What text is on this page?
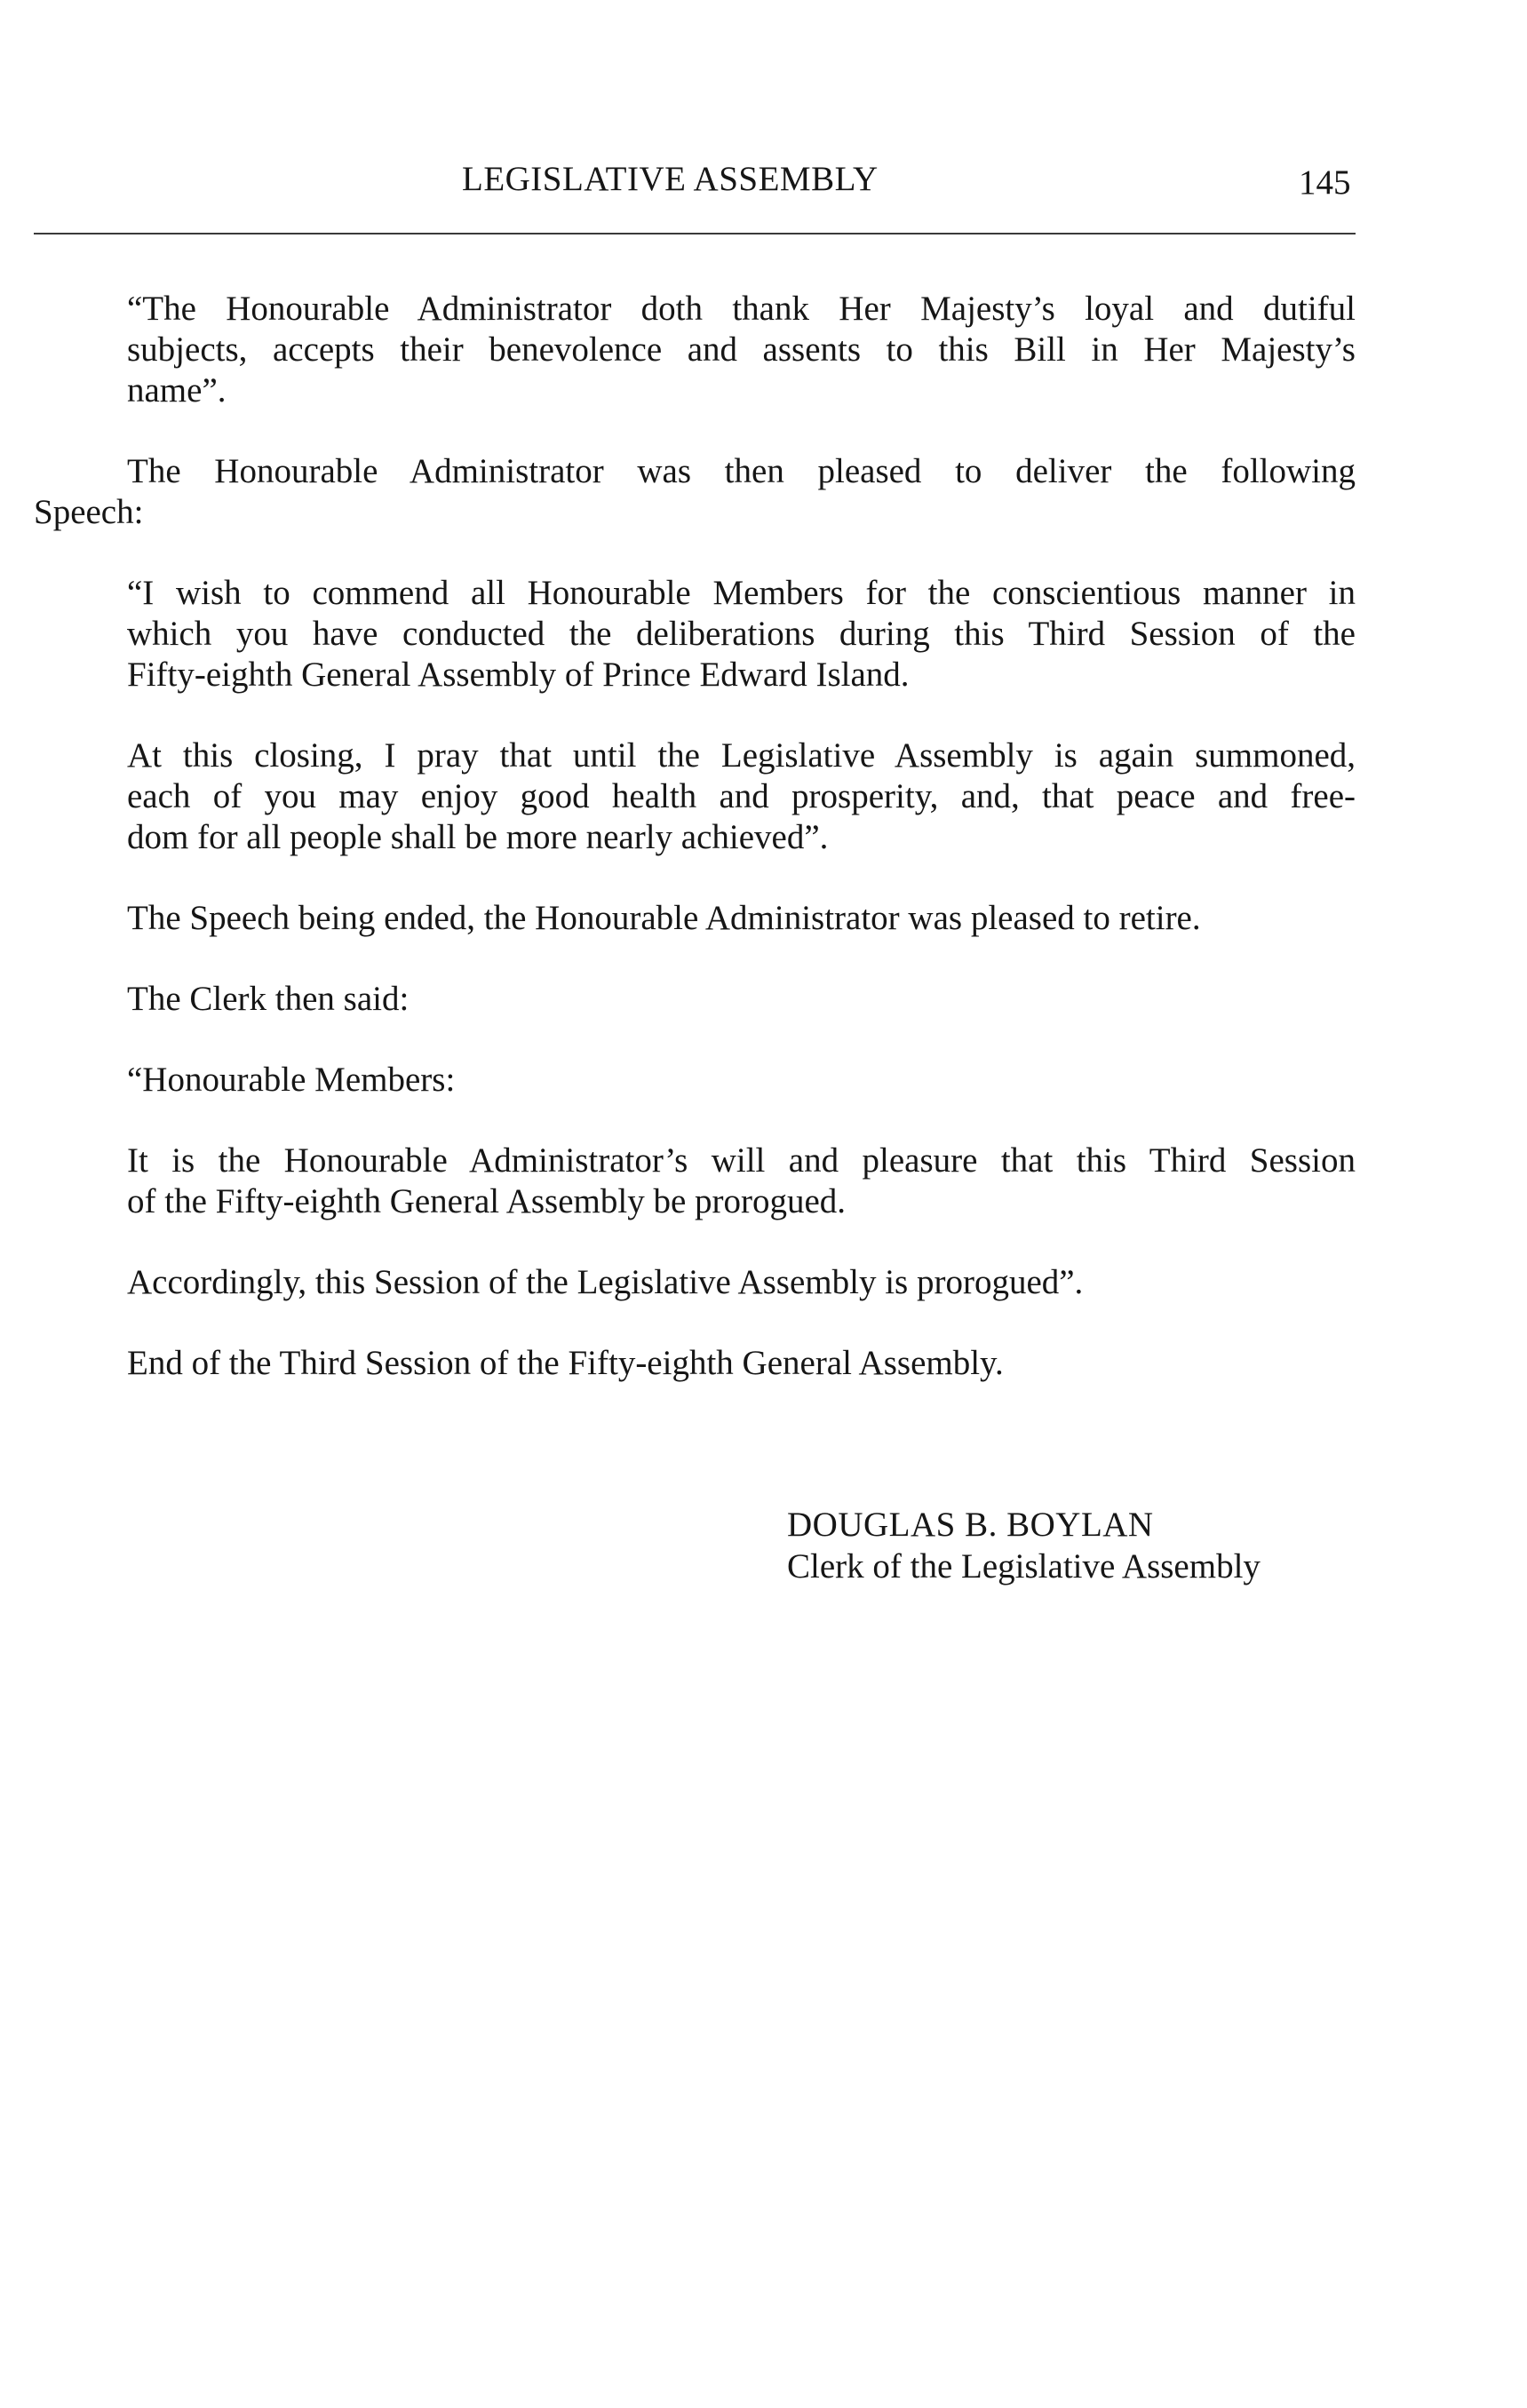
LEGISLATIVE ASSEMBLY	145
“The Honourable Administrator doth thank Her Majesty’s loyal and dutiful
subjects, accepts their benevolence and assents to this Bill in Her Majesty’s
name”.
The Honourable Administrator was then pleased to deliver the following
Speech:
“I wish to commend all Honourable Members for the conscientious manner in
which you have conducted the deliberations during this Third Session of the
Fifty-eighth General Assembly of Prince Edward Island.
At this closing, I pray that until the Legislative Assembly is again summoned,
each of you may enjoy good health and prosperity, and, that peace and free-
dom for all people shall be more nearly achieved”.
The Speech being ended, the Honourable Administrator was pleased to retire.
The Clerk then said:
“Honourable Members:
It is the Honourable Administrator’s will and pleasure that this Third Session
of the Fifty-eighth General Assembly be prorogued.
Accordingly, this Session of the Legislative Assembly is prorogued”.
End of the Third Session of the Fifty-eighth General Assembly.
DOUGLAS B. BOYLAN
Clerk of the Legislative Assembly
